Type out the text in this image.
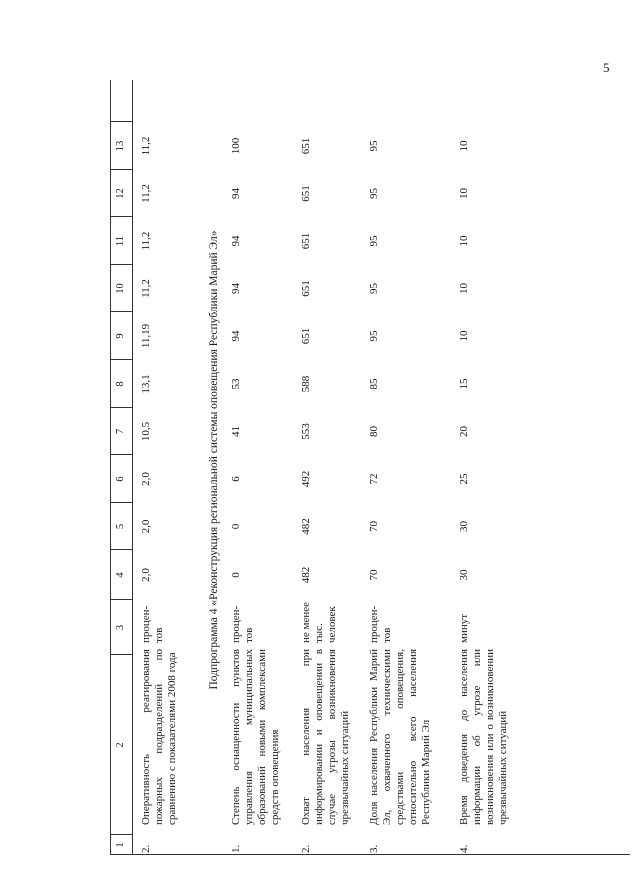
5
1
2
3
4
5
6
7
8
9
10
11
12
13
2.
Оперативность реагирования пожарных подразделений по сравнению с показателями 2008 года
процен-тов
2,0
2,0
2,0
10,5
13,1
11,19
11,2
11,2
11,2
11,2
Подпрограмма 4 «Реконструкция региональной системы оповещения Республики Марий Эл»
1.
Степень оснащенности пунктов управления муниципальных образований новыми комплексами средств оповещения
процен-тов
0
0
6
41
53
94
94
94
94
100
2.
Охват населения при информировании и оповещении в случае угрозы возникновения чрезвычайных ситуаций
не менее тыс. человек
482
482
492
553
588
651
651
651
651
651
3.
Доля населения Республики Марий Эл, охваченного техническими средствами оповещения, относительно всего населения Республики Марий Эл
процен-тов
70
70
72
80
85
95
95
95
95
95
4.
Время доведения до населения информации об угрозе или возникновения или о возникновении чрезвычайных ситуаций
минут
30
30
25
20
15
10
10
10
10
10
